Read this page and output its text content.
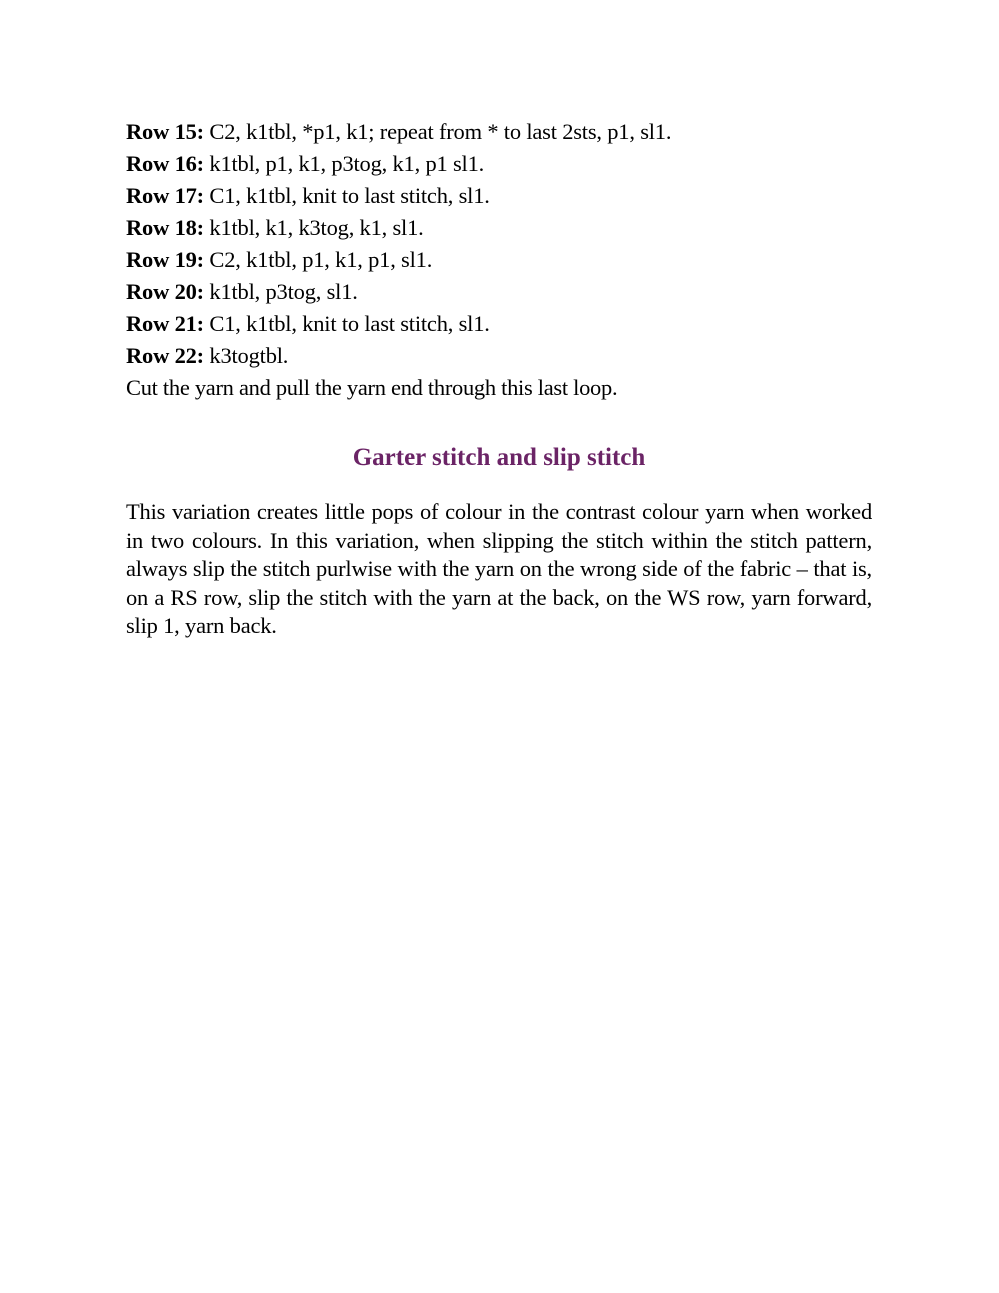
Row 15: C2, k1tbl, *p1, k1; repeat from * to last 2sts, p1, sl1.
Row 16: k1tbl, p1, k1, p3tog, k1, p1 sl1.
Row 17: C1, k1tbl, knit to last stitch, sl1.
Row 18: k1tbl, k1, k3tog, k1, sl1.
Row 19: C2, k1tbl, p1, k1, p1, sl1.
Row 20: k1tbl, p3tog, sl1.
Row 21: C1, k1tbl, knit to last stitch, sl1.
Row 22: k3togtbl.
Cut the yarn and pull the yarn end through this last loop.
Garter stitch and slip stitch

This variation creates little pops of colour in the contrast colour yarn when worked in two colours. In this variation, when slipping the stitch within the stitch pattern, always slip the stitch purlwise with the yarn on the wrong side of the fabric – that is, on a RS row, slip the stitch with the yarn at the back, on the WS row, yarn forward, slip 1, yarn back.
